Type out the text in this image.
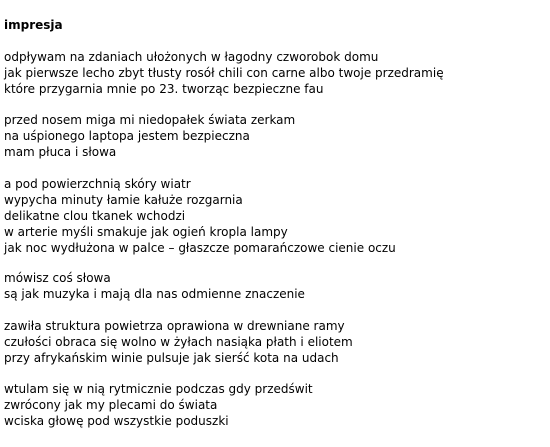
impresja
odpływam na zdaniach ułożonych w łagodny czworobok domu
jak pierwsze lecho zbyt tłusty rosół chili con carne albo twoje przedramię
które przygarnia mnie po 23. tworząc bezpieczne fau
przed nosem miga mi niedopałek świata zerkam
na uśpionego laptopa jestem bezpieczna
mam płuca i słowa
a pod powierzchnią skóry wiatr
wypycha minuty łamie kałuże rozgarnia
delikatne clou tkanek wchodzi
w arterie myśli smakuje jak ogień kropla lampy
jak noc wydłużona w palce – głaszcze pomarańczowe cienie oczu
mówisz coś słowa
są jak muzyka i mają dla nas odmienne znaczenie
zawiła struktura powietrza oprawiona w drewniane ramy
czułości obraca się wolno w żyłach nasiąka płath i eliotem
przy afrykańskim winie pulsuje jak sierść kota na udach
wtulam się w nią rytmicznie podczas gdy przedświt
zwrócony jak my plecami do świata
wciska głowę pod wszystkie poduszki
